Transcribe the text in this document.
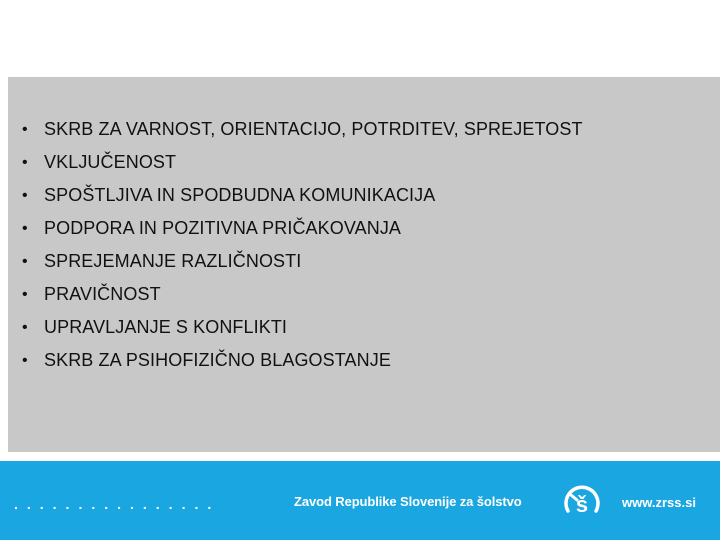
• SKRB ZA VARNOST, ORIENTACIJO, POTRDITEV, SPREJETOST
• VKLJUČENOST
• SPOŠTLJIVA IN SPODBUDNA KOMUNIKACIJA
• PODPORA IN POZITIVNA PRIČAKOVANJA
• SPREJEMANJE RAZLIČNOSTI
• PRAVIČNOST
• UPRAVLJANJE S KONFLIKTI
• SKRB ZA PSIHOFIZIČNO BLAGOSTANJE
................	Zavod Republike Slovenije za šolstvo š	www.zrss.si
